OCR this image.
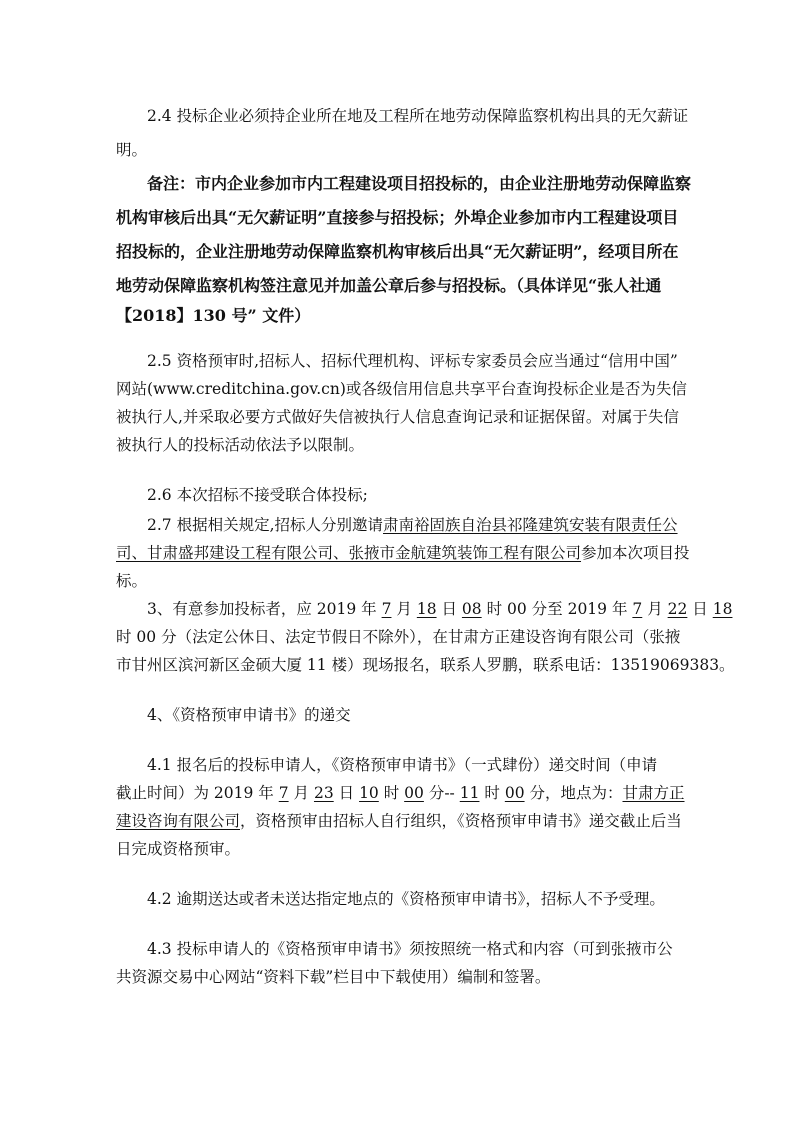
2.4 投标企业必须持企业所在地及工程所在地劳动保障监察机构出具的无欠薪证
明。
备注：市内企业参加市内工程建设项目招投标的，由企业注册地劳动保障监察
机构审核后出具“无欠薪证明”直接参与招投标；外埠企业参加市内工程建设项目
招投标的，企业注册地劳动保障监察机构审核后出具“无欠薪证明”，经项目所在
地劳动保障监察机构签注意见并加盖公章后参与招投标。（具体详见“张人社通
【2018】130 号” 文件）
2.5 资格预审时,招标人、招标代理机构、评标专家委员会应当通过“信用中国”
网站(www.creditchina.gov.cn)或各级信用信息共享平台查询投标企业是否为失信
被执行人,并采取必要方式做好失信被执行人信息查询记录和证据保留。对属于失信
被执行人的投标活动依法予以限制。
2.6 本次招标不接受联合体投标;
2.7 根据相关规定,招标人分别邀请肃南裕固族自治县祁隆建筑安装有限责任公
司、甘肃盛邦建设工程有限公司、张掖市金航建筑装饰工程有限公司参加本次项目投
标。
3、有意参加投标者，应 2019 年 7 月 18 日 08 时 00 分至 2019 年 7 月 22 日 18
时 00 分（法定公休日、法定节假日不除外），在甘肃方正建设咨询有限公司（张掖
市甘州区滨河新区金硕大厦 11 楼）现场报名，联系人罗鹏，联系电话：13519069383。
4、《资格预审申请书》的递交
4.1 报名后的投标申请人，《资格预审申请书》（一式肆份）递交时间（申请
截止时间）为 2019 年 7 月 23 日 10 时 00 分-- 11 时 00 分，地点为：甘肃方正
建设咨询有限公司，资格预审由招标人自行组织，《资格预审申请书》递交截止后当
日完成资格预审。
4.2 逾期送达或者未送达指定地点的《资格预审申请书》，招标人不予受理。
4.3 投标申请人的《资格预审申请书》须按照统一格式和内容（可到张掖市公
共资源交易中心网站“资料下载”栏目中下载使用）编制和签署。
